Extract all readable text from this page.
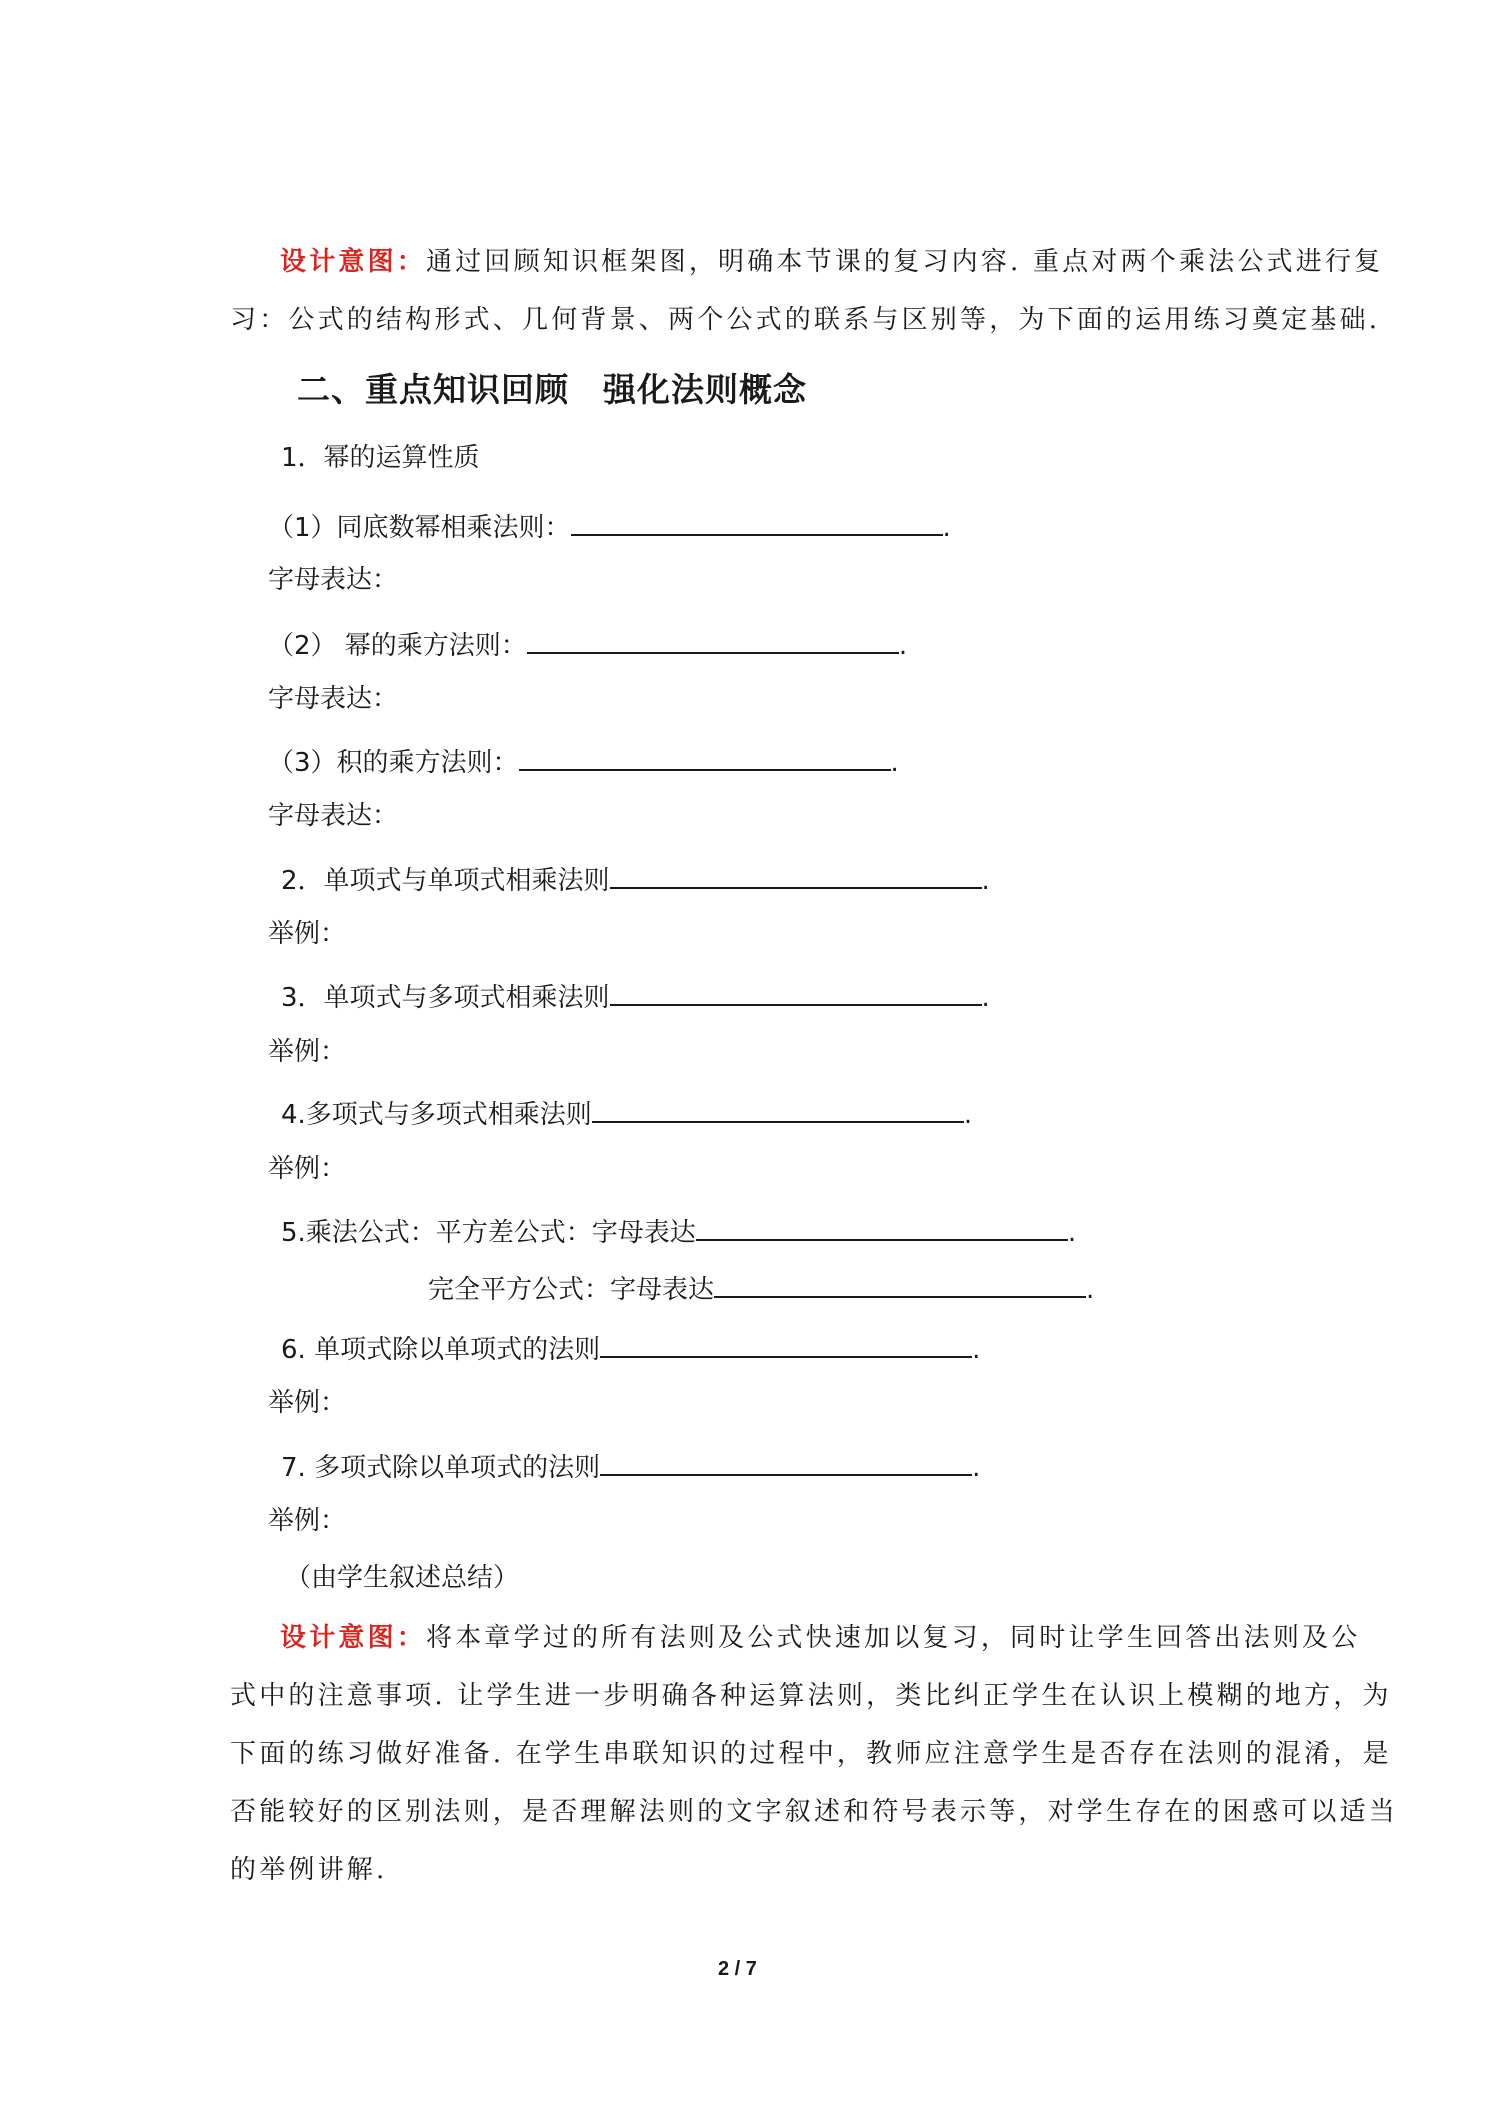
设计意图：通过回顾知识框架图，明确本节课的复习内容. 重点对两个乘法公式进行复
习：公式的结构形式、几何背景、两个公式的联系与区别等，为下面的运用练习奠定基础.
二、重点知识回顾　强化法则概念
1．幂的运算性质
（1）同底数幂相乘法则：	.
字母表达：
（2） 幂的乘方法则：	.
字母表达：
（3）积的乘方法则：	.
字母表达：
2．单项式与单项式相乘法则	.
举例：
3．单项式与多项式相乘法则	.
举例：
4.多项式与多项式相乘法则	.
举例：
5.乘法公式：平方差公式：字母表达	.
完全平方公式：字母表达	.
6. 单项式除以单项式的法则	.
举例：
7. 多项式除以单项式的法则	.
举例：
（由学生叙述总结）
设计意图：将本章学过的所有法则及公式快速加以复习，同时让学生回答出法则及公
式中的注意事项. 让学生进一步明确各种运算法则，类比纠正学生在认识上模糊的地方，为
下面的练习做好准备. 在学生串联知识的过程中，教师应注意学生是否存在法则的混淆，是
否能较好的区别法则，是否理解法则的文字叙述和符号表示等，对学生存在的困惑可以适当
的举例讲解.
2 / 7
